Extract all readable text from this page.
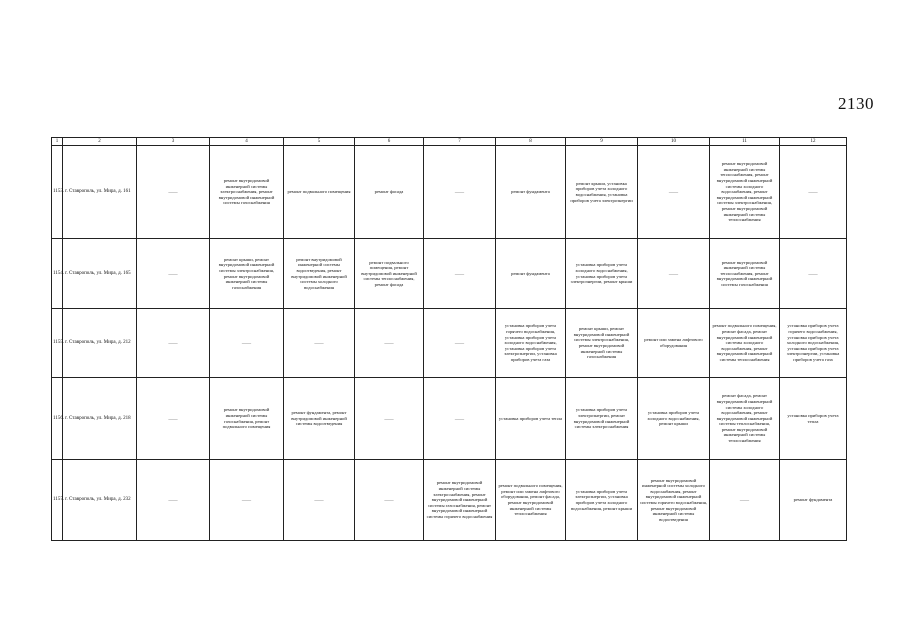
2130
1	2	3	4	5	6	7	8	9	10	11	12
1153.	г. Ставрополь, ул. Мира, д. 161	——	ремонт внутридомовой инженерной системы электроснабжения, ремонт внутридомовой инженерной системы газоснабжения	ремонт подвального помещения	ремонт фасада	——	ремонт фундамента	ремонт крыши, установка приборов учета холодного водоснабжения, установка приборов учета электроэнергии	——	ремонт внутридомовой инженерной системы теплоснабжения, ремонт внутридомовой инженерной системы холодного водоснабжения, ремонт внутридомовой инженерной системы электроснабжения, ремонт внутридомовой инженерной системы теплоснабжения	——
1154.	г. Ставрополь, ул. Мира, д. 165	——	ремонт крыши, ремонт внутридомовой инженерной системы электроснабжения, ремонт внутридомовой инженерной системы газоснабжения	ремонт внутридомовой инженерной системы водоотведения, ремонт внутридомовой инженерной системы холодного водоснабжения	ремонт подвального помещения, ремонт внутридомовой инженерной системы теплоснабжения, ремонт фасада	——	ремонт фундамента	установка приборов учета холодного водоснабжения, установка приборов учета электроэнергии, ремонт крыши	——	ремонт внутридомовой инженерной системы теплоснабжения, ремонт внутридомовой инженерной системы газоснабжения	——
1155.	г. Ставрополь, ул. Мира, д. 212	——	——	——	——	——	установка приборов учета горячего водоснабжения, установка приборов учета холодного водоснабжения, установка приборов учета электроэнергии, установка приборов учета газа	ремонт крыши, ремонт внутридомовой инженерной системы электроснабжения, ремонт внутридомовой инженерной системы газоснабжения	ремонт или замена лифтового оборудования	ремонт подвального помещения, ремонт фасада, ремонт внутридомовой инженерной системы холодного водоснабжения, ремонт внутридомовой инженерной системы теплоснабжения	установка приборов учета горячего водоснабжения, установка приборов учета холодного водоснабжения, установка приборов учета электроэнергии, установка приборов учета газа
1156.	г. Ставрополь, ул. Мира, д. 218	——	ремонт внутридомовой инженерной системы газоснабжения, ремонт подвального помещения	ремонт фундамента, ремонт внутридомовой инженерной системы водоотведения	——	——	установка приборов учета тепла	установка приборов учета электроэнергии, ремонт внутридомовой инженерной системы электроснабжения	установка приборов учета холодного водоснабжения, ремонт крыши	ремонт фасада, ремонт внутридомовой инженерной системы холодного водоснабжения, ремонт внутридомовой инженерной системы теплоснабжения, ремонт внутридомовой инженерной системы теплоснабжения	установка приборов учета тепла
1157.	г. Ставрополь, ул. Мира, д. 232	——	——	——	——	ремонт внутридомовой инженерной системы электроснабжения, ремонт внутридомовой инженерной системы газоснабжения, ремонт внутридомовой инженерной системы горячего водоснабжения	ремонт подвального помещения, ремонт или замена лифтового оборудования, ремонт фасада, ремонт внутридомовой инженерной системы теплоснабжения	установка приборов учета электроэнергии, установка приборов учета холодного водоснабжения, ремонт крыши	ремонт внутридомовой инженерной системы холодного водоснабжения, ремонт внутридомовой инженерной системы горячего водоснабжения, ремонт внутридомовой инженерной системы водоотведения	——	ремонт фундамента
